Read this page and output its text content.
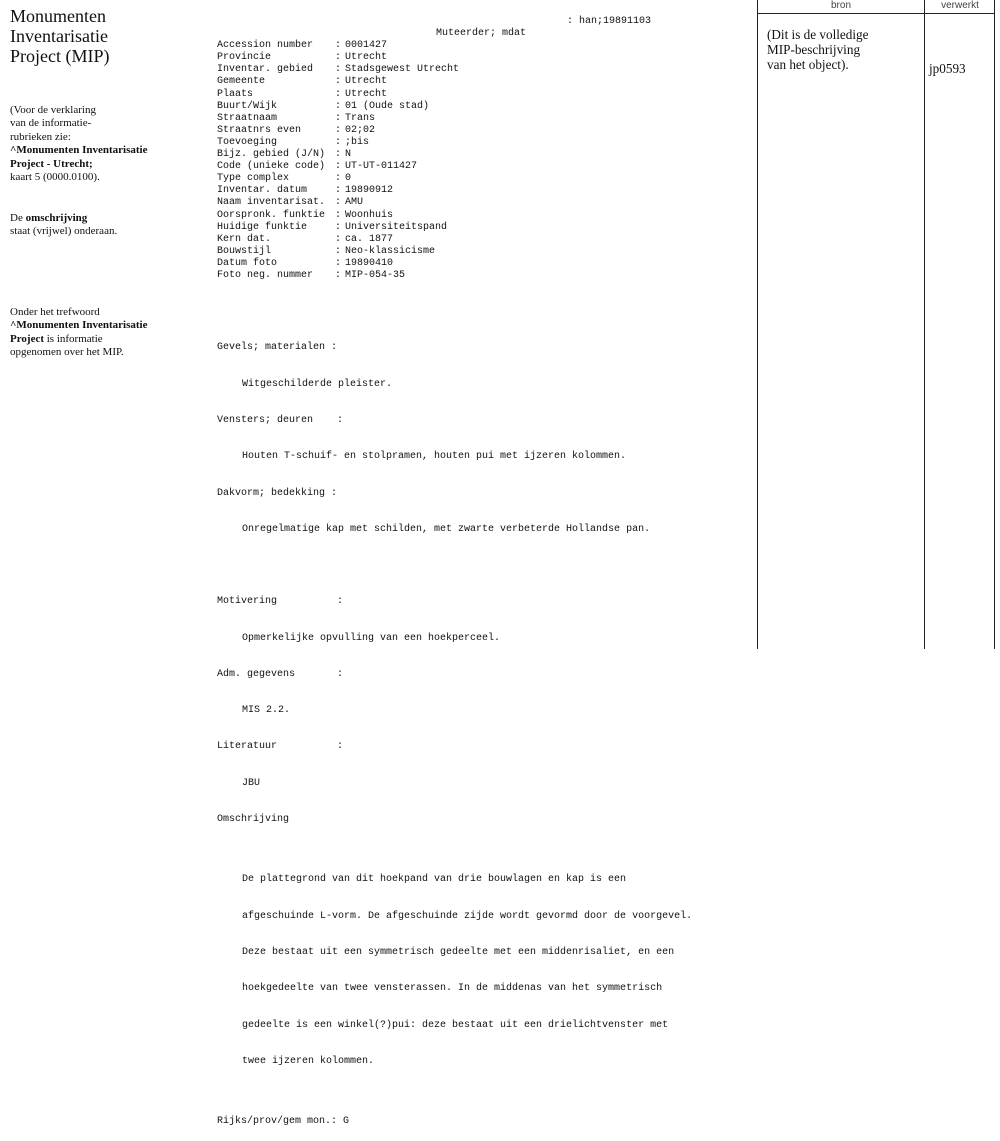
Monumenten
Inventarisatie
Project (MIP)
(Voor de verklaring
van de informatie-
rubrieken zie:
^Monumenten Inventarisatie
Project - Utrecht;
kaart 5 (0000.0100).
De omschrijving
staat (vrijwel) onderaan.
Onder het trefwoord
^Monumenten Inventarisatie
Project is informatie
opgenomen over het MIP.

Muteerder; mdat

: han;19891103

Accession number : 0001427
Provincie	: Utrecht
Inventar. gebied : Stadsgewest Utrecht
Gemeente	: Utrecht
Plaats	: Utrecht
Buurt/Wijk	: 01 (Oude stad)
Straatnaam	: Trans
Straatnrs even	: 02;02
Toevoeging	: ;bis
Bijz. gebied (J/N) : N
Code (unieke code) : UT-UT-011427
Type complex	: 0
Inventar. datum	: 19890912
Naam inventarisat. : AMU
Oorspronk. funktie : Woonhuis
Huidige funktie	: Universiteitspand
Kern dat.	: ca. 1877
Bouwstijl	: Neo-klassicisme
Datum foto	: 19890410
Foto neg. nummer : MIP-054-35

Gevels; materialen :

Witgeschilderde pleister.

Vensters; deuren    :

Houten T-schuif- en stolpramen, houten pui met ijzeren kolommen.

Dakvorm; bedekking :

Onregelmatige kap met schilden, met zwarte verbeterde Hollandse pan.

Motivering          :

Opmerkelijke opvulling van een hoekperceel.

Adm. gegevens       :

MIS 2.2.

Literatuur          :

JBU

Omschrijving

De plattegrond van dit hoekpand van drie bouwlagen en kap is een

afgeschuinde L-vorm. De afgeschuinde zijde wordt gevormd door de voorgevel.

Deze bestaat uit een symmetrisch gedeelte met een middenrisaliet, en een

hoekgedeelte van twee vensterassen. In de middenas van het symmetrisch

gedeelte is een winkel(?)pui: deze bestaat uit een drielichtvenster met

twee ijzeren kolommen.

Rijks/prov/gem mon.: G

bron	verwerkt
(Dit is de volledige
MIP-beschrijving
van het object).	jp0593
